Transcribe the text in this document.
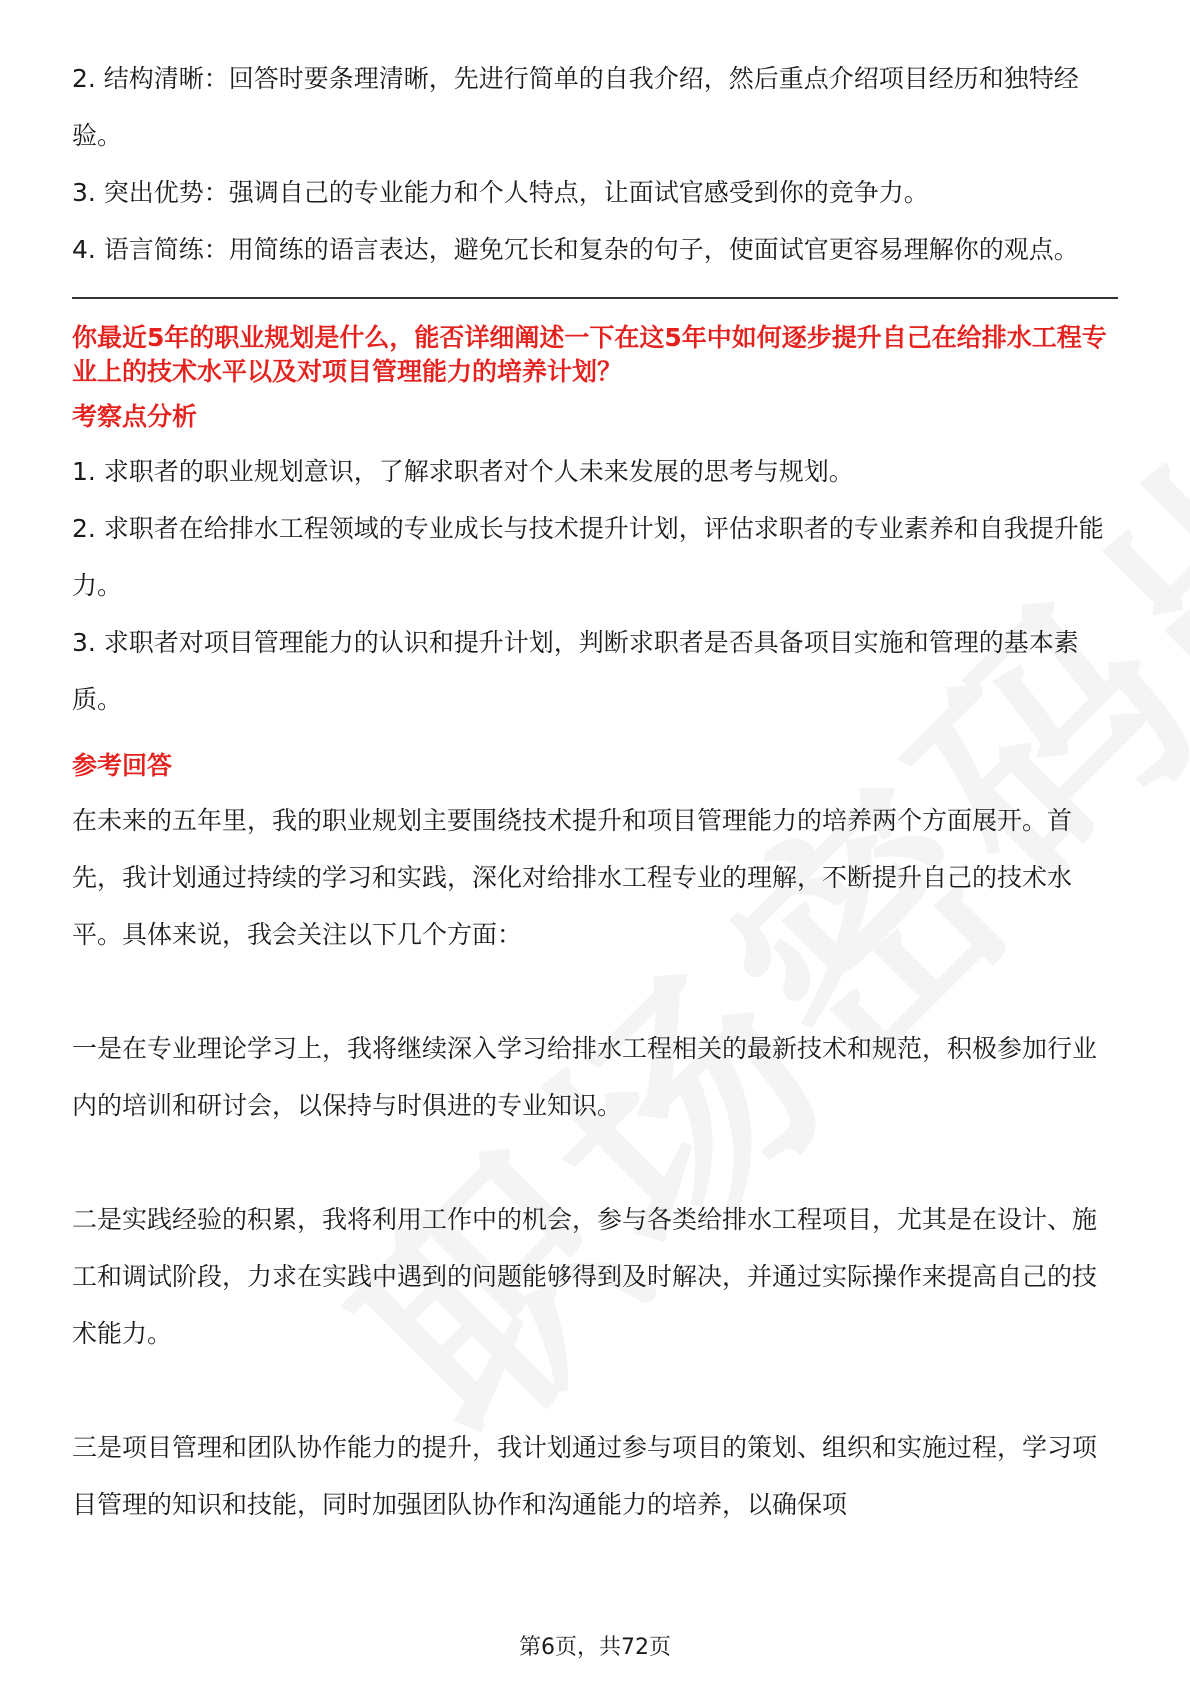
2. 结构清晰：回答时要条理清晰，先进行简单的自我介绍，然后重点介绍项目经历和独特经验。

3. 突出优势：强调自己的专业能力和个人特点，让面试官感受到你的竞争力。

4. 语言简练：用简练的语言表达，避免冗长和复杂的句子，使面试官更容易理解你的观点。

你最近5年的职业规划是什么，能否详细阐述一下在这5年中如何逐步提升自己在给排水工程专业上的技术水平以及对项目管理能力的培养计划？

考察点分析

1. 求职者的职业规划意识，了解求职者对个人未来发展的思考与规划。

2. 求职者在给排水工程领域的专业成长与技术提升计划，评估求职者的专业素养和自我提升能力。

3. 求职者对项目管理能力的认识和提升计划，判断求职者是否具备项目实施和管理的基本素质。

参考回答

在未来的五年里，我的职业规划主要围绕技术提升和项目管理能力的培养两个方面展开。首先，我计划通过持续的学习和实践，深化对给排水工程专业的理解，不断提升自己的技术水平。具体来说，我会关注以下几个方面：

一是在专业理论学习上，我将继续深入学习给排水工程相关的最新技术和规范，积极参加行业内的培训和研讨会，以保持与时俱进的专业知识。

二是实践经验的积累，我将利用工作中的机会，参与各类给排水工程项目，尤其是在设计、施工和调试阶段，力求在实践中遇到的问题能够得到及时解决，并通过实际操作来提高自己的技术能力。

三是项目管理和团队协作能力的提升，我计划通过参与项目的策划、组织和实施过程，学习项目管理的知识和技能，同时加强团队协作和沟通能力的培养，以确保项

第6页，共72页
